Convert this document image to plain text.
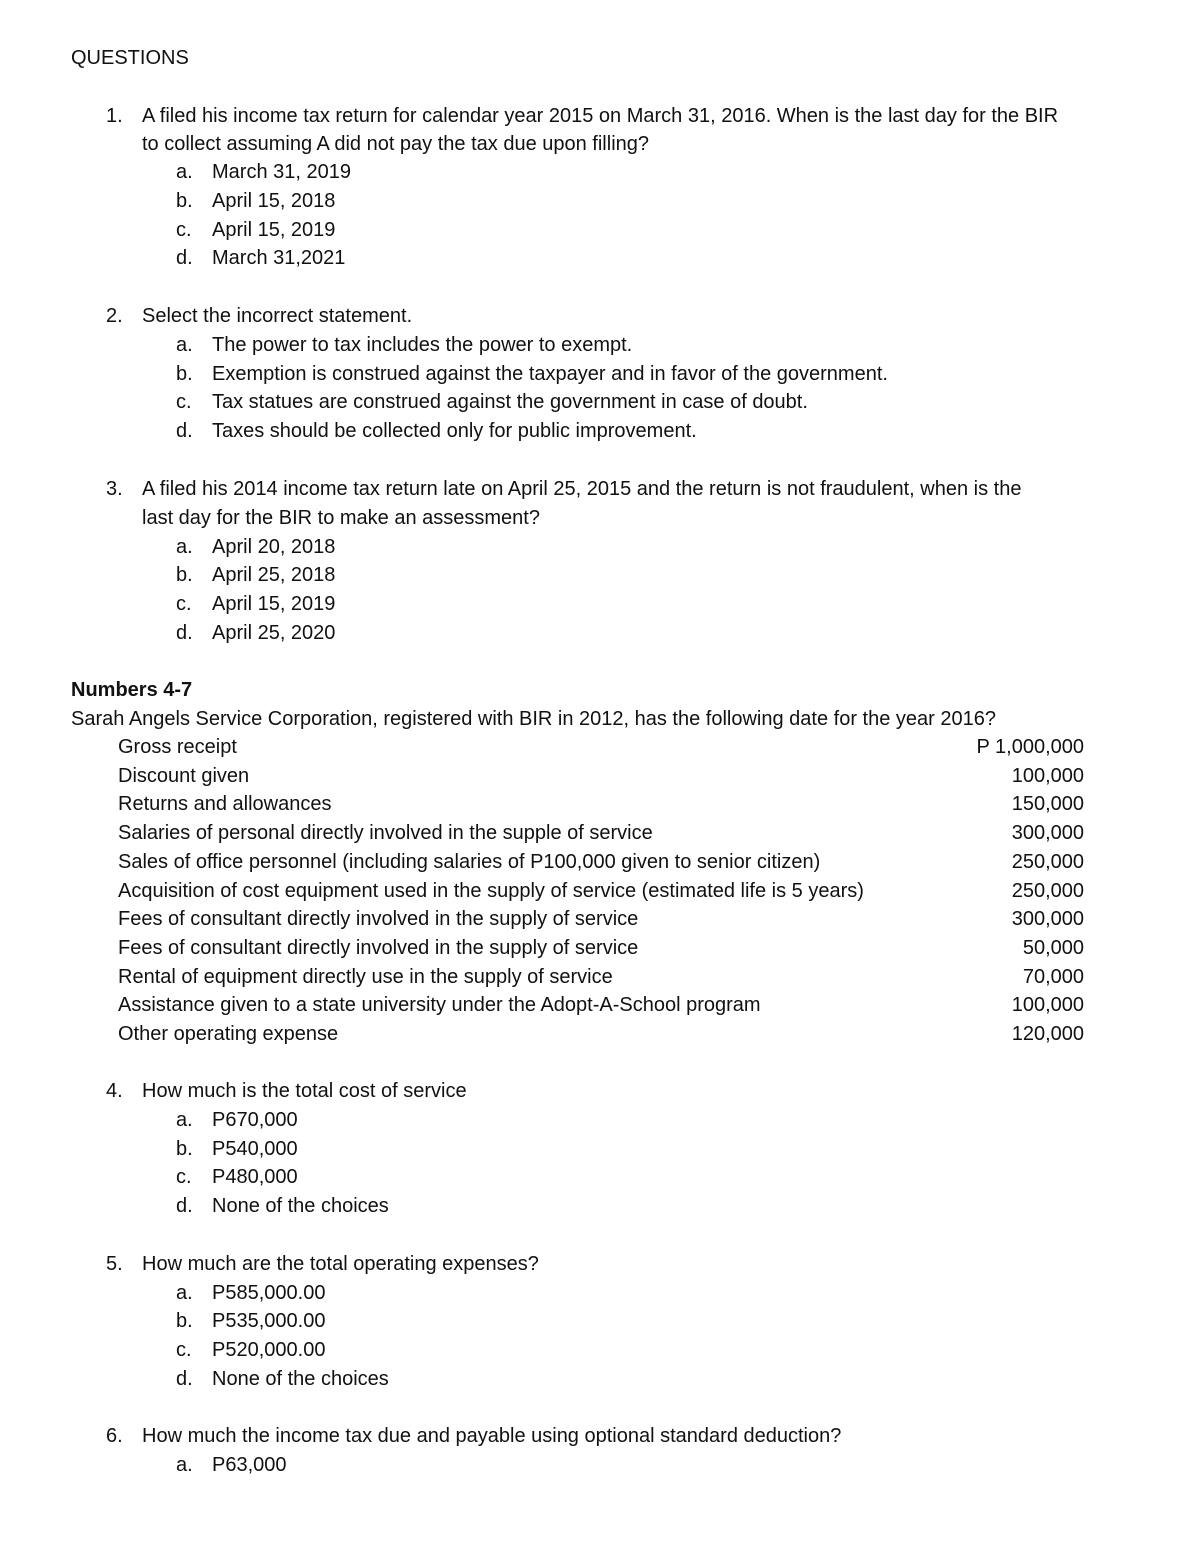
QUESTIONS
1. A filed his income tax return for calendar year 2015 on March 31, 2016. When is the last day for the BIR
to collect assuming A did not pay the tax due upon filling?
a. March 31, 2019
b. April 15, 2018
c. April 15, 2019
d. March 31,2021
2. Select the incorrect statement.
a. The power to tax includes the power to exempt.
b. Exemption is construed against the taxpayer and in favor of the government.
c. Tax statues are construed against the government in case of doubt.
d. Taxes should be collected only for public improvement.
3. A filed his 2014 income tax return late on April 25, 2015 and the return is not fraudulent, when is the
last day for the BIR to make an assessment?
a. April 20, 2018
b. April 25, 2018
c. April 15, 2019
d. April 25, 2020
Numbers 4-7
Sarah Angels Service Corporation, registered with BIR in 2012, has the following date for the year 2016?
Gross receipt	P 1,000,000
Discount given	100,000
Returns and allowances	150,000
Salaries of personal directly involved in the supple of service	300,000
Sales of office personnel (including salaries of P100,000 given to senior citizen)	250,000
Acquisition of cost equipment used in the supply of service (estimated life is 5 years)	250,000
Fees of consultant directly involved in the supply of service	300,000
Fees of consultant directly involved in the supply of service	50,000
Rental of equipment directly use in the supply of service	70,000
Assistance given to a state university under the Adopt-A-School program	100,000
Other operating expense	120,000
4. How much is the total cost of service
a. P670,000
b. P540,000
c. P480,000
d. None of the choices
5. How much are the total operating expenses?
a. P585,000.00
b. P535,000.00
c. P520,000.00
d. None of the choices
6. How much the income tax due and payable using optional standard deduction?
a. P63,000
